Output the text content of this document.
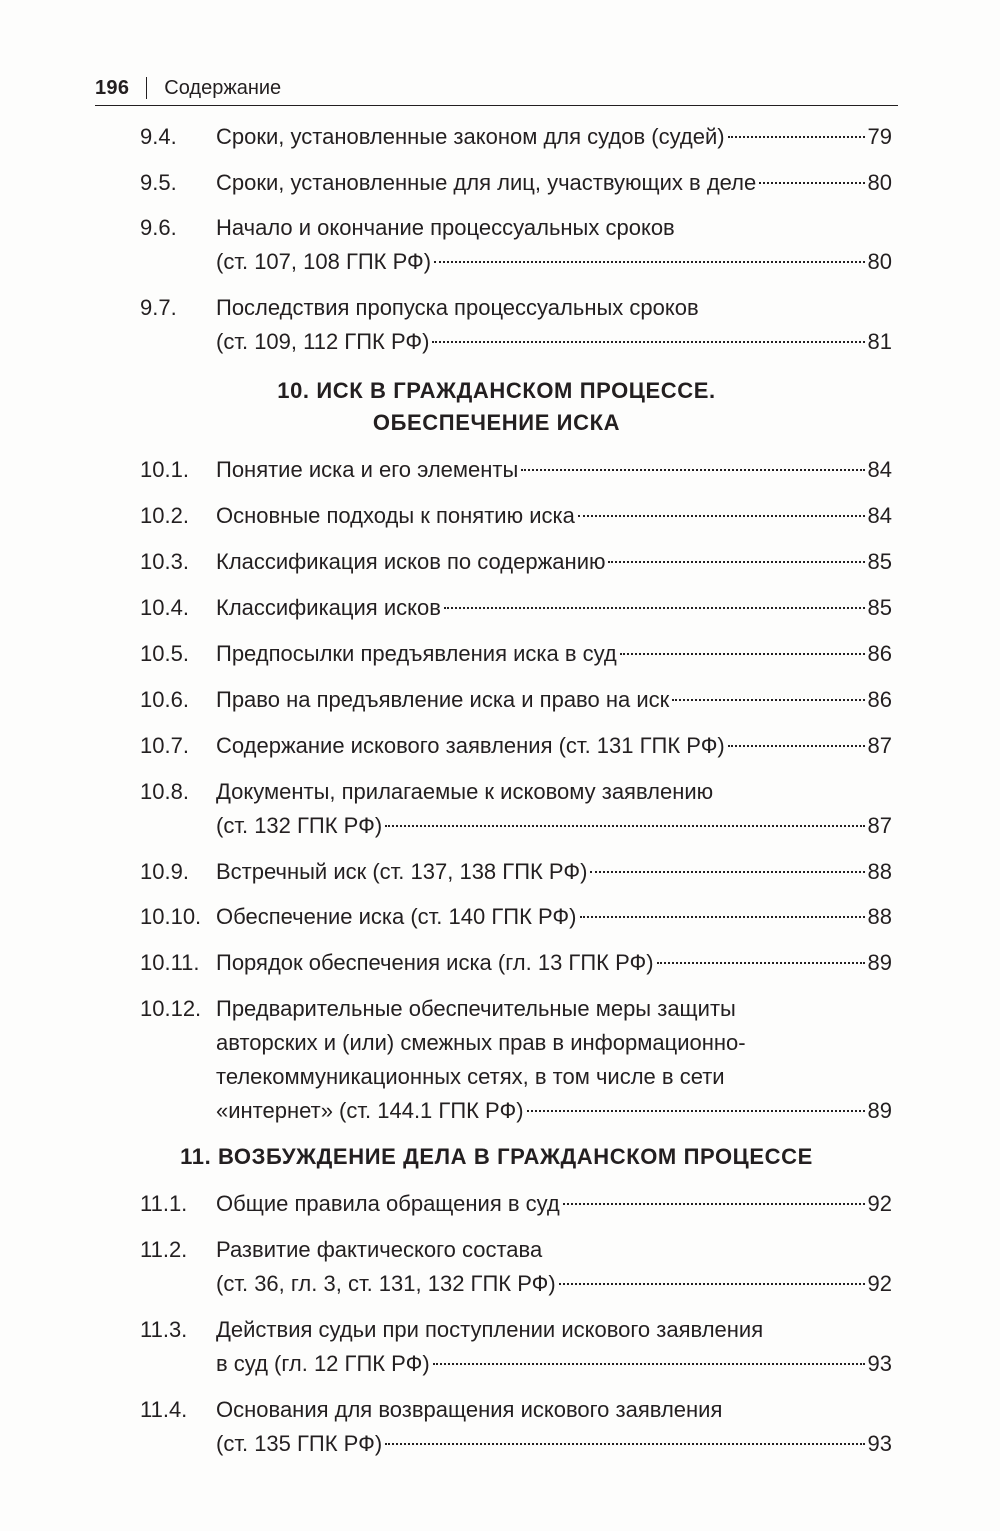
196 Содержание
9.4. Сроки, установленные законом для судов (судей)	79
9.5. Сроки, установленные для лиц, участвующих в деле	80
9.6. Начало и окончание процессуальных сроков
(ст. 107, 108 ГПК РФ)	80
9.7. Последствия пропуска процессуальных сроков
(ст. 109, 112 ГПК РФ)	81
10. ИСК В ГРАЖДАНСКОМ ПРОЦЕССЕ.
ОБЕСПЕЧЕНИЕ ИСКА
10.1. Понятие иска и его элементы	84
10.2. Основные подходы к понятию иска	84
10.3. Классификация исков по содержанию	85
10.4. Классификация исков	85
10.5. Предпосылки предъявления иска в суд	86
10.6. Право на предъявление иска и право на иск	86
10.7. Содержание искового заявления (ст. 131 ГПК РФ)	87
10.8. Документы, прилагаемые к исковому заявлению
(ст. 132 ГПК РФ)	87
10.9. Встречный иск (ст. 137, 138 ГПК РФ)	88
10.10. Обеспечение иска (ст. 140 ГПК РФ)	88
10.11. Порядок обеспечения иска (гл. 13 ГПК РФ)	89
10.12. Предварительные обеспечительные меры защиты
авторских и (или) смежных прав в информационно-
телекоммуникационных сетях, в том числе в сети
«интернет» (ст. 144.1 ГПК РФ)	89
11. ВОЗБУЖДЕНИЕ ДЕЛА В ГРАЖДАНСКОМ ПРОЦЕССЕ
11.1. Общие правила обращения в суд	92
11.2. Развитие фактического состава
(ст. 36, гл. 3, ст. 131, 132 ГПК РФ)	92
11.3. Действия судьи при поступлении искового заявления
в суд (гл. 12 ГПК РФ)	93
11.4. Основания для возвращения искового заявления
(ст. 135 ГПК РФ)	93
